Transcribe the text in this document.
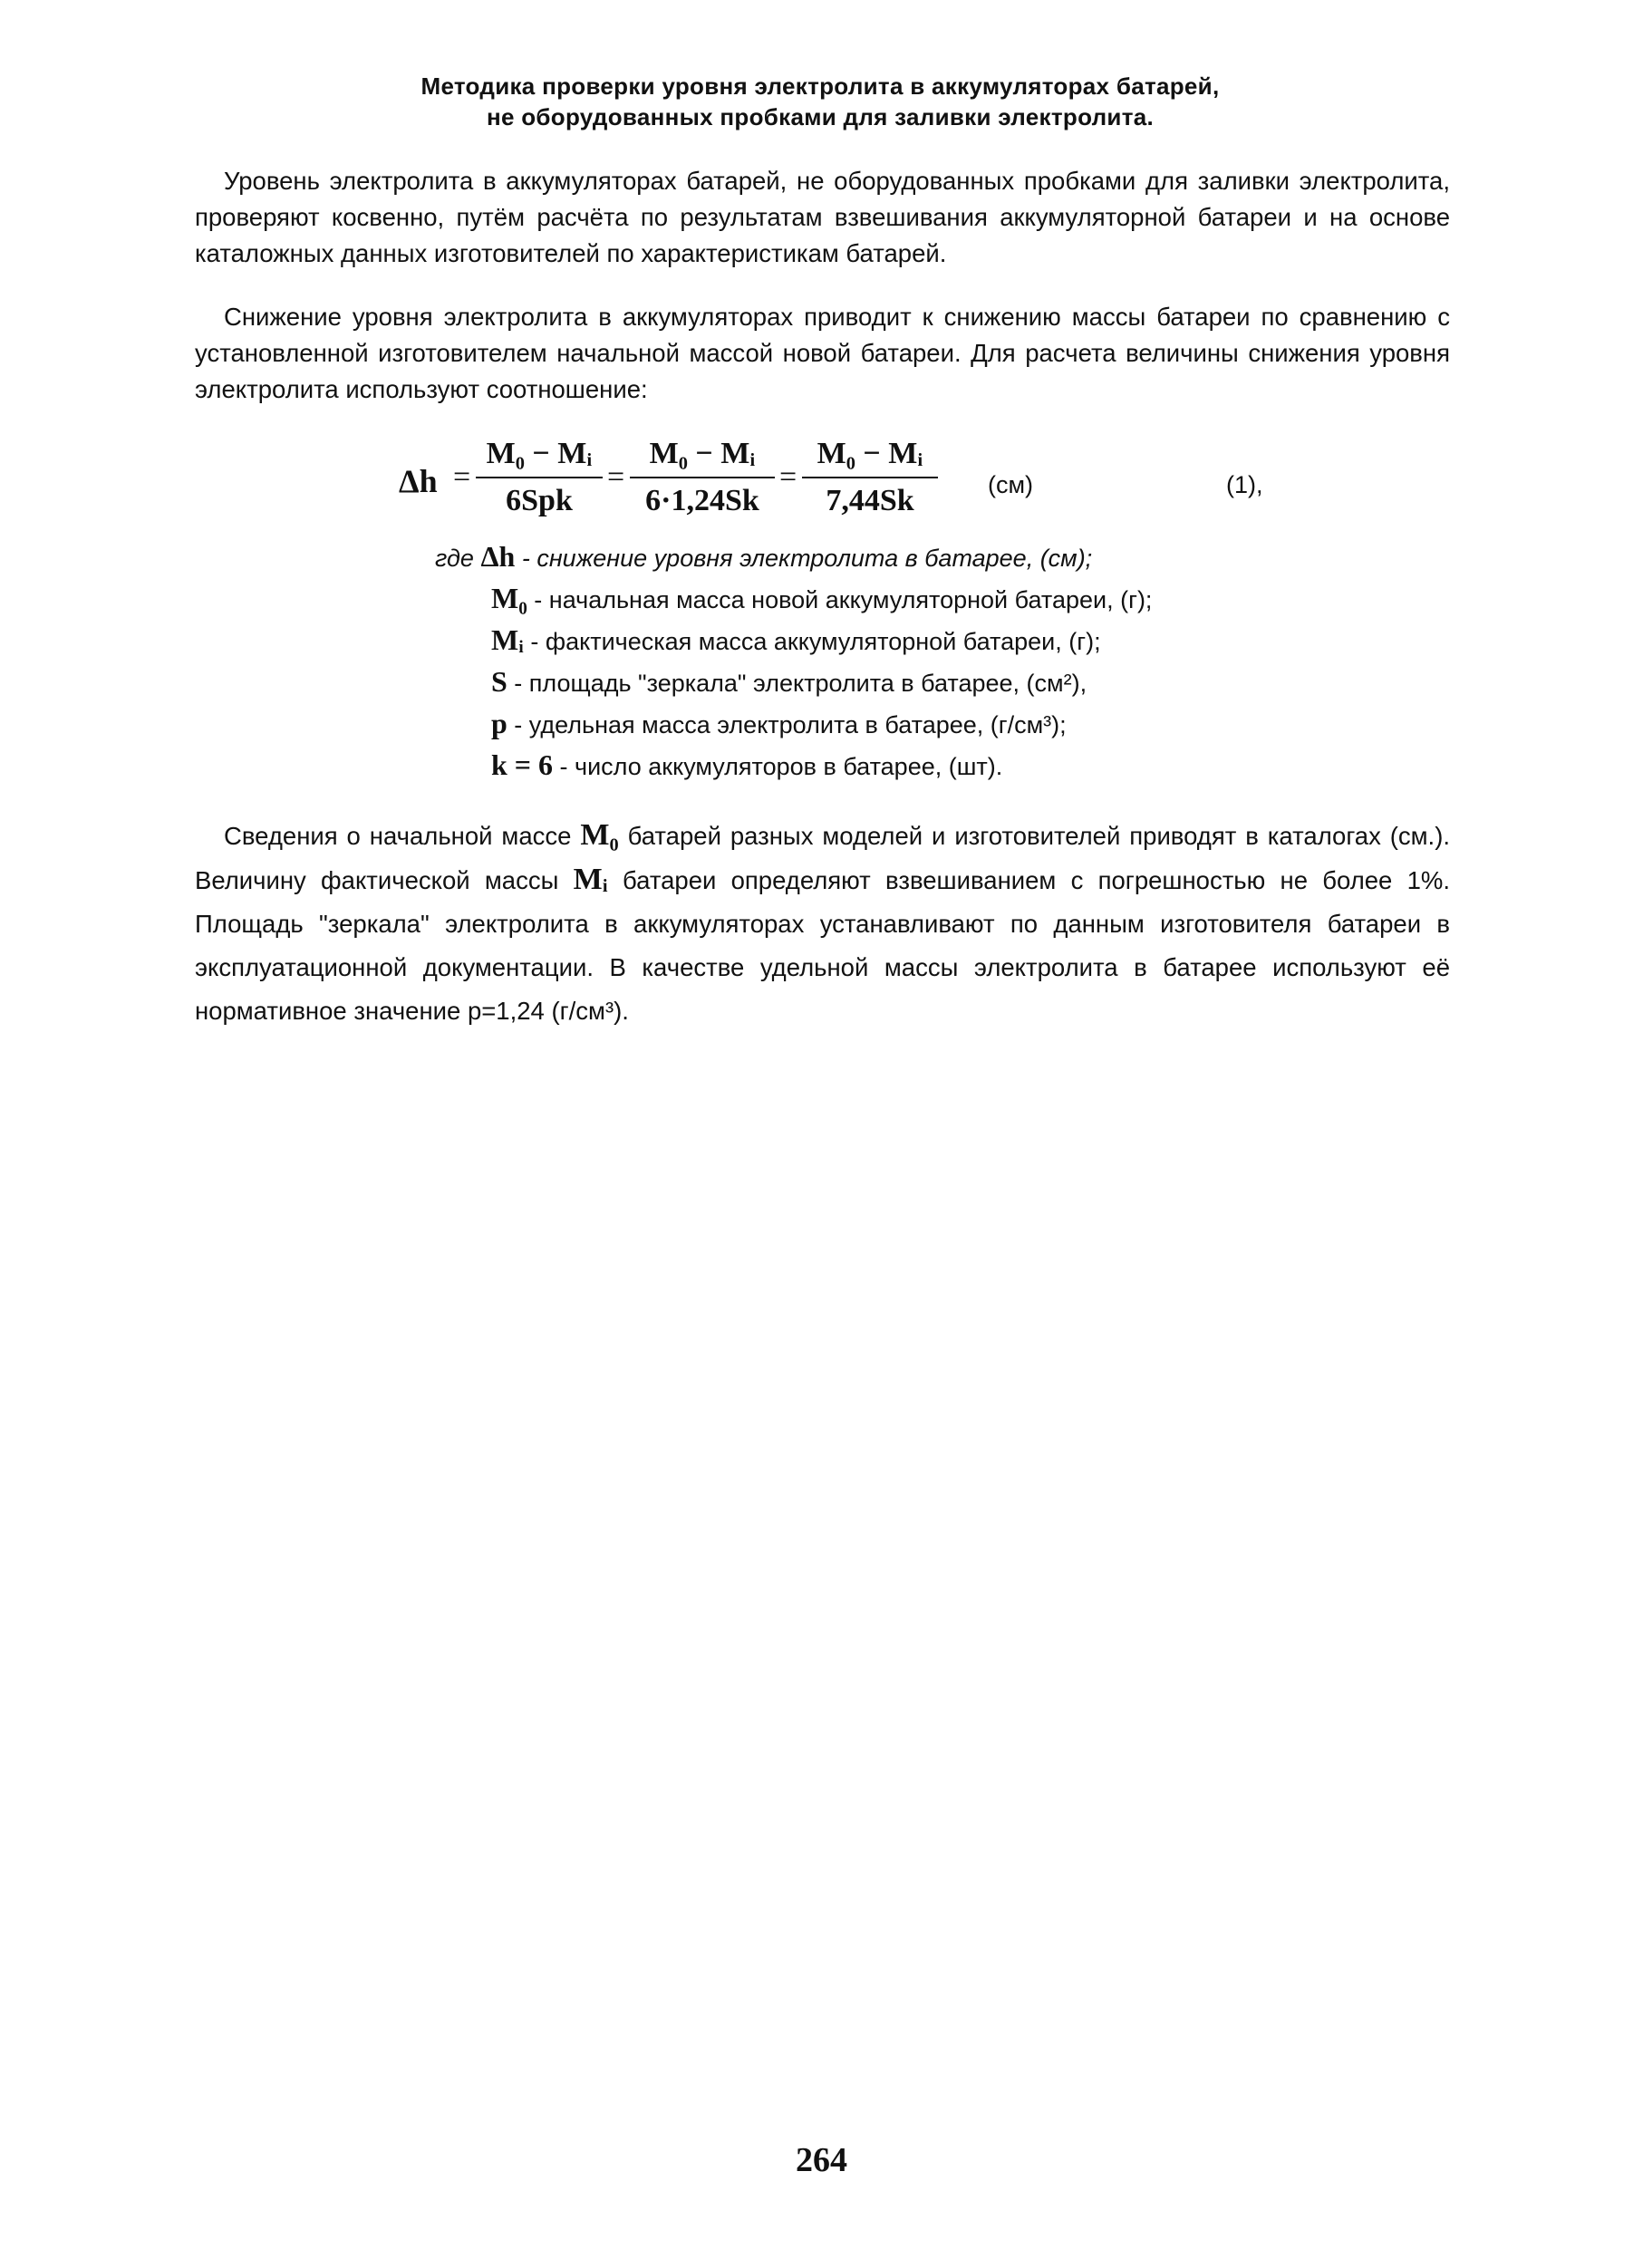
Методика проверки уровня электролита в аккумуляторах батарей,
не оборудованных пробками для заливки электролита.

Уровень электролита в аккумуляторах батарей, не оборудованных пробками для заливки электролита, проверяют косвенно, путём расчёта по результатам взвешивания аккумуляторной батареи и на основе каталожных данных изготовителей по характеристикам батарей.

Снижение уровня электролита в аккумуляторах приводит к снижению массы батареи по сравнению с установленной изготовителем начальной массой новой батареи. Для расчета величины снижения уровня электролита используют соотношение:

Δh =
M₀ − Mᵢ
6Spk
=
M₀ − Mᵢ
6·1,24Sk
=
M₀ − Mᵢ
7,44Sk	(см)	(1),
где Δh - снижение уровня электролита в батарее, (см);
M₀ - начальная масса новой аккумуляторной батареи, (г);
Mᵢ - фактическая масса аккумуляторной батареи, (г);
S - площадь "зеркала" электролита в батарее, (см²),
p - удельная масса электролита в батарее, (г/см³);
k = 6 - число аккумуляторов в батарее, (шт).

Сведения о начальной массе M₀ батарей разных моделей и изготовителей приводят в каталогах (см.). Величину фактической массы Mᵢ батареи определяют взвешиванием с погрешностью не более 1%. Площадь "зеркала" электролита в аккумуляторах устанавливают по данным изготовителя батареи в эксплуатационной документации. В качестве удельной массы электролита в батарее используют её нормативное значение p=1,24 (г/см³).

264
